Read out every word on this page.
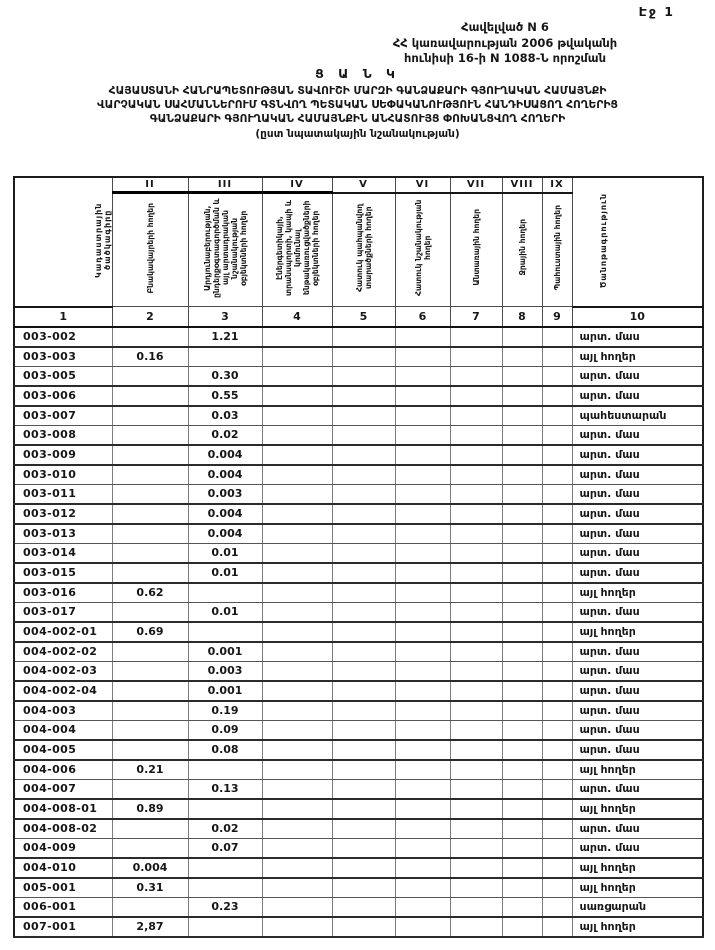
Էջ 1
Հավելված N 6
ՀՀ կառավարության 2006 թվականի
հունիսի 16-ի N 1088-Ն որոշման
Ց Ա Ն Կ
ՀԱՅԱՍՏԱՆԻ ՀԱՆՐԱՊԵՏՈՒԹՅԱՆ ՏԱՎՈՒՇԻ ՄԱՐԶԻ ԳԱՆՁԱՔԱՐԻ ԳՅՈՒՂԱԿԱՆ ՀԱՄԱՅՆՔԻ
ՎԱՐՉԱԿԱՆ ՍԱՀՄԱՆՆԵՐՈՒՄ ԳՏՆՎՈՂ ՊԵՏԱԿԱՆ ՍԵՓԱԿԱՆՈՒԹՅՈՒՆ ՀԱՆԴԻՍԱՑՈՂ ՀՈՂԵՐԻՑ
ԳԱՆՁԱՔԱՐԻ ԳՅՈՒՂԱԿԱՆ ՀԱՄԱՅՆՔԻՆ ԱՆՀԱՏՈՒՅՑ ՓՈԽԱՆՑՎՈՂ ՀՈՂԵՐԻ
(ըստ նպատակային նշանակության)
Կադաստրային ծածկագիրը	II	III	IV	V	VI	VII	VIII	IX	Ծանոթագրություն
	Բնակավայրերի հողեր	Արդյունաբերության, ընդերքօգտագործման և այլ արտադրական նշանակության օբյեկտների հողեր	Էներգետիկայի, տրանսպորտի, կապի և կոմունալ ենթակառուցվածքների օբյեկտների հողեր	Հատուկ պահպանվող տարածքների հողեր	Հատուկ նշանակության հողեր	Անտառային հողեր	Ջրային հողեր	Պահուստային հողեր	
1	2	3	4	5	6	7	8	9	10
003-002		1.21							արտ. մաս
003-003	0.16								այլ հողեր
003-005		0.30							արտ. մաս
003-006		0.55							արտ. մաս
003-007		0.03							պահեստարան
003-008		0.02							արտ. մաս
003-009		0.004							արտ. մաս
003-010		0.004							արտ. մաս
003-011		0.003							արտ. մաս
003-012		0.004							արտ. մաս
003-013		0.004							արտ. մաս
003-014		0.01							արտ. մաս
003-015		0.01							արտ. մաս
003-016	0.62								այլ հողեր
003-017		0.01							արտ. մաս
004-002-01	0.69								այլ հողեր
004-002-02		0.001							արտ. մաս
004-002-03		0.003							արտ. մաս
004-002-04		0.001							արտ. մաս
004-003		0.19							արտ. մաս
004-004		0.09							արտ. մաս
004-005		0.08							արտ. մաս
004-006	0.21								այլ հողեր
004-007		0.13							արտ. մաս
004-008-01	0.89								այլ հողեր
004-008-02		0.02							արտ. մաս
004-009		0.07							արտ. մաս
004-010	0.004								այլ հողեր
005-001	0.31								այլ հողեր
006-001		0.23							սառցարան
007-001	2,87								այլ հողեր
